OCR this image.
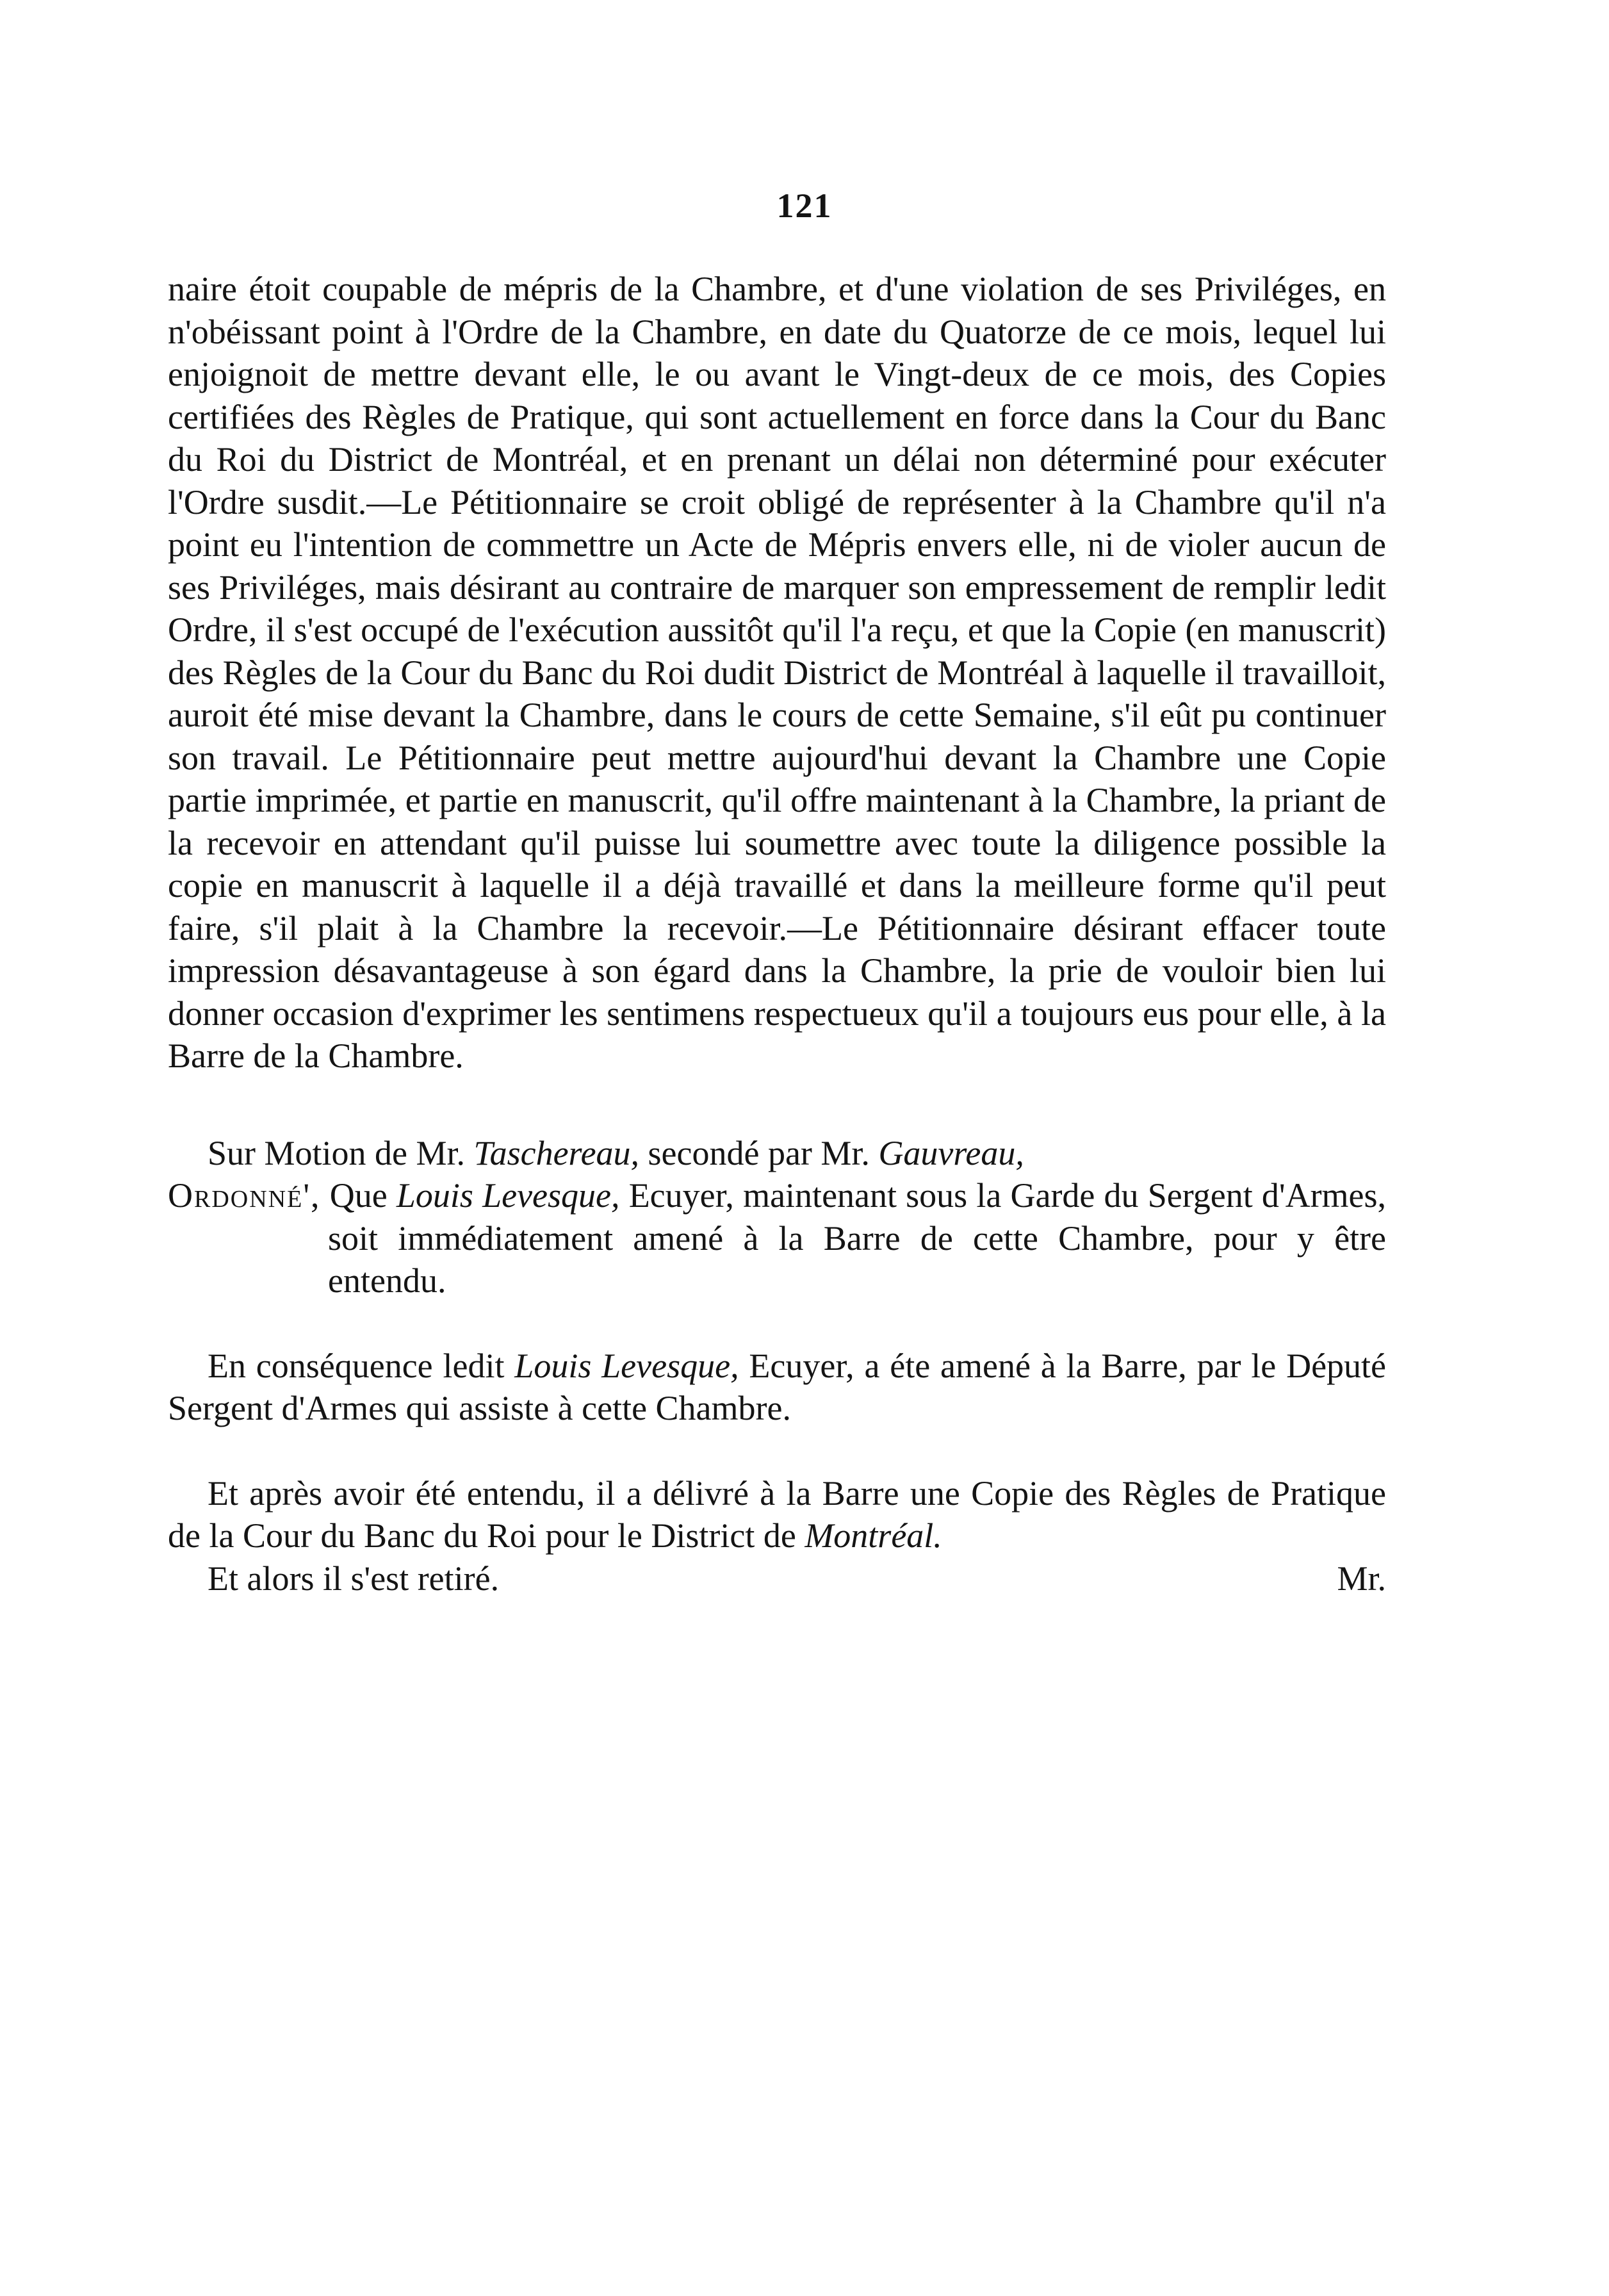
121

naire étoit coupable de mépris de la Chambre, et d'une violation de ses Priviléges, en n'obéissant point à l'Ordre de la Chambre, en date du Quatorze de ce mois, lequel lui enjoignoit de mettre devant elle, le ou avant le Vingt-deux de ce mois, des Copies certifiées des Règles de Pratique, qui sont actuellement en force dans la Cour du Banc du Roi du District de Montréal, et en prenant un délai non déterminé pour exécuter l'Ordre susdit.—Le Pétitionnaire se croit obligé de représenter à la Chambre qu'il n'a point eu l'intention de commettre un Acte de Mépris envers elle, ni de violer aucun de ses Priviléges, mais désirant au contraire de marquer son empressement de remplir ledit Ordre, il s'est occupé de l'exécution aussitôt qu'il l'a reçu, et que la Copie (en manuscrit) des Règles de la Cour du Banc du Roi dudit District de Montréal à laquelle il travailloit, auroit été mise devant la Chambre, dans le cours de cette Semaine, s'il eût pu continuer son travail. Le Pétitionnaire peut mettre aujourd'hui devant la Chambre une Copie partie imprimée, et partie en manuscrit, qu'il offre maintenant à la Chambre, la priant de la recevoir en attendant qu'il puisse lui soumettre avec toute la diligence possible la copie en manuscrit à laquelle il a déjà travaillé et dans la meilleure forme qu'il peut faire, s'il plait à la Chambre la recevoir.—Le Pétitionnaire désirant effacer toute impression désavantageuse à son égard dans la Chambre, la prie de vouloir bien lui donner occasion d'exprimer les sentimens respectueux qu'il a toujours eus pour elle, à la Barre de la Chambre.

Sur Motion de Mr. Taschereau, secondé par Mr. Gauvreau,

Ordonné', Que Louis Levesque, Ecuyer, maintenant sous la Garde du Sergent d'Armes, soit immédiatement amené à la Barre de cette Chambre, pour y être entendu.

En conséquence ledit Louis Levesque, Ecuyer, a éte amené à la Barre, par le Député Sergent d'Armes qui assiste à cette Chambre.

Et après avoir été entendu, il a délivré à la Barre une Copie des Règles de Pratique de la Cour du Banc du Roi pour le District de Montréal.

Et alors il s'est retiré.	Mr.
